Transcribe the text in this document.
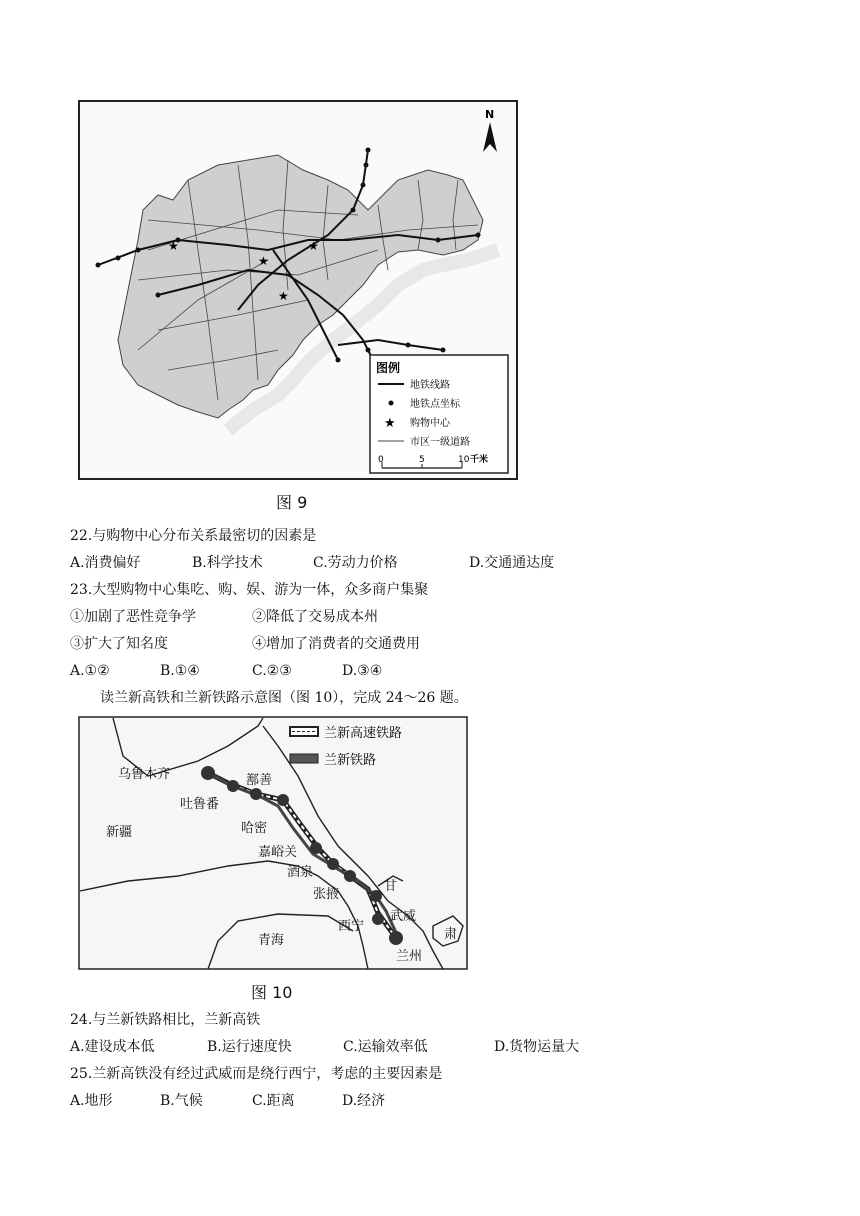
★
★
★
★
N
图例
地铁线路
地铁点坐标
★ 购物中心
市区一级道路
0	5	10 千米
图 9
22.与购物中心分布关系最密切的因素是
A.消费偏好	B.科学技术	C.劳动力价格	D.交通通达度
23.大型购物中心集吃、购、娱、游为一体，众多商户集聚
①加剧了恶性竞争学	②降低了交易成本州
③扩大了知名度	④增加了消费者的交通费用
A.①②	B.①④	C.②③	D.③④
读兰新高铁和兰新铁路示意图（图 10），完成 24～26 题。
兰新高速铁路
兰新铁路
乌鲁木齐	鄯善
吐鲁番
哈密
新疆
嘉峪关
酒泉
张掖
甘
武威
西宁
青海
兰州
肃
图 10
24.与兰新铁路相比，兰新高铁
A.建设成本低	B.运行速度快	C.运输效率低	D.货物运量大
25.兰新高铁没有经过武威而是绕行西宁，考虑的主要因素是
A.地形	B.气候	C.距离	D.经济
